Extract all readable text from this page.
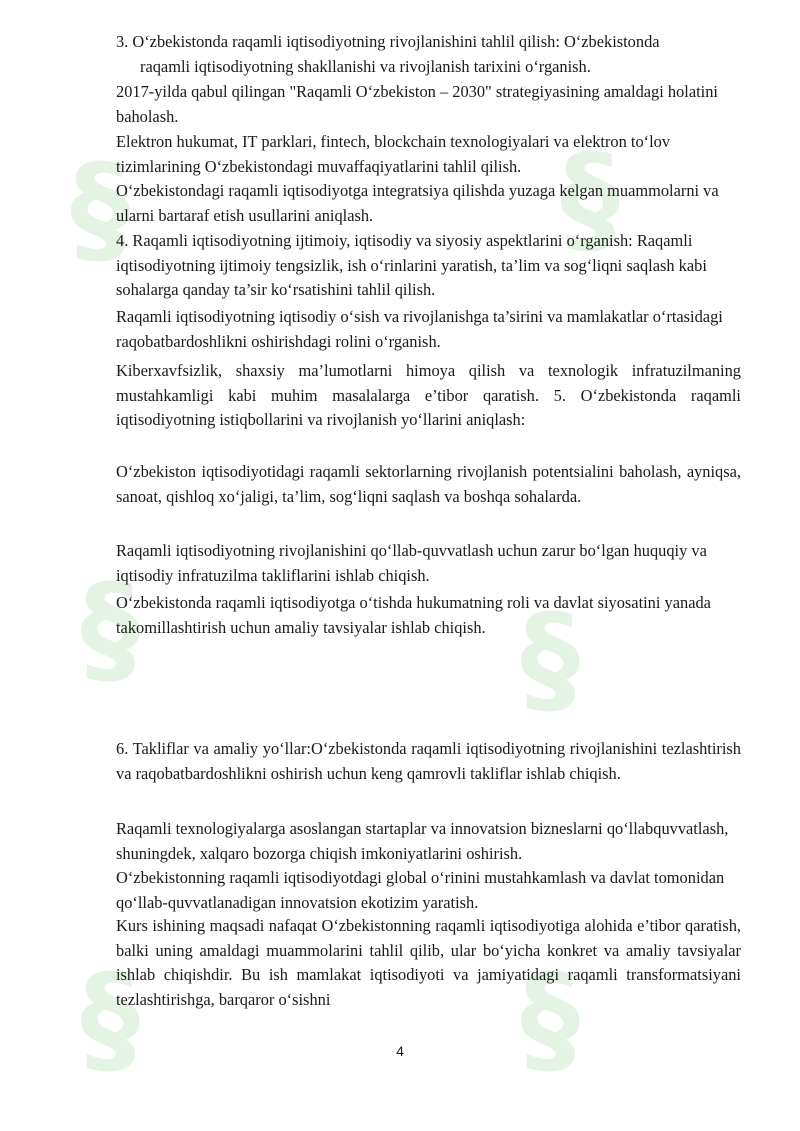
§	§
§	§
§
§

3. O‘zbekistonda raqamli iqtisodiyotning rivojlanishini tahlil qilish: O‘zbekistonda

raqamli iqtisodiyotning shakllanishi va rivojlanish tarixini o‘rganish.

2017-yilda qabul qilingan "Raqamli O‘zbekiston – 2030" strategiyasining amaldagi holatini baholash.

Elektron hukumat, IT parklari, fintech, blockchain texnologiyalari va elektron to‘lov tizimlarining O‘zbekistondagi muvaffaqiyatlarini tahlil qilish.

O‘zbekistondagi raqamli iqtisodiyotga integratsiya qilishda yuzaga kelgan muammolarni va ularni bartaraf etish usullarini aniqlash.

4. Raqamli iqtisodiyotning ijtimoiy, iqtisodiy va siyosiy aspektlarini o‘rganish: Raqamli iqtisodiyotning ijtimoiy tengsizlik, ish o‘rinlarini yaratish, ta’lim va sog‘liqni saqlash kabi sohalarga qanday ta’sir ko‘rsatishini tahlil qilish.

Raqamli iqtisodiyotning iqtisodiy o‘sish va rivojlanishga ta’sirini va mamlakatlar o‘rtasidagi raqobatbardoshlikni oshirishdagi rolini o‘rganish.

Kiberxavfsizlik, shaxsiy ma’lumotlarni himoya qilish va texnologik infratuzilmaning mustahkamligi kabi muhim masalalarga e’tibor qaratish. 5. O‘zbekistonda raqamli iqtisodiyotning istiqbollarini va rivojlanish yo‘llarini aniqlash:

O‘zbekiston iqtisodiyotidagi raqamli sektorlarning rivojlanish potentsialini baholash, ayniqsa, sanoat, qishloq xo‘jaligi, ta’lim, sog‘liqni saqlash va boshqa sohalarda.

Raqamli iqtisodiyotning rivojlanishini qo‘llab-quvvatlash uchun zarur bo‘lgan huquqiy va iqtisodiy infratuzilma takliflarini ishlab chiqish.

O‘zbekistonda raqamli iqtisodiyotga o‘tishda hukumatning roli va davlat siyosatini yanada takomillashtirish uchun amaliy tavsiyalar ishlab chiqish.

6. Takliflar va amaliy yo‘llar:O‘zbekistonda raqamli iqtisodiyotning rivojlanishini tezlashtirish va raqobatbardoshlikni oshirish uchun keng qamrovli takliflar ishlab chiqish.

Raqamli texnologiyalarga asoslangan startaplar va innovatsion bizneslarni qo‘llabquvvatlash, shuningdek, xalqaro bozorga chiqish imkoniyatlarini oshirish.

O‘zbekistonning raqamli iqtisodiyotdagi global o‘rinini mustahkamlash va davlat tomonidan qo‘llab-quvvatlanadigan innovatsion ekotizim yaratish.

Kurs ishining maqsadi nafaqat O‘zbekistonning raqamli iqtisodiyotiga alohida e’tibor qaratish, balki uning amaldagi muammolarini tahlil qilib, ular bo‘yicha konkret va amaliy tavsiyalar ishlab chiqishdir. Bu ish mamlakat iqtisodiyoti va jamiyatidagi raqamli transformatsiyani tezlashtirishga, barqaror o‘sishni

4
